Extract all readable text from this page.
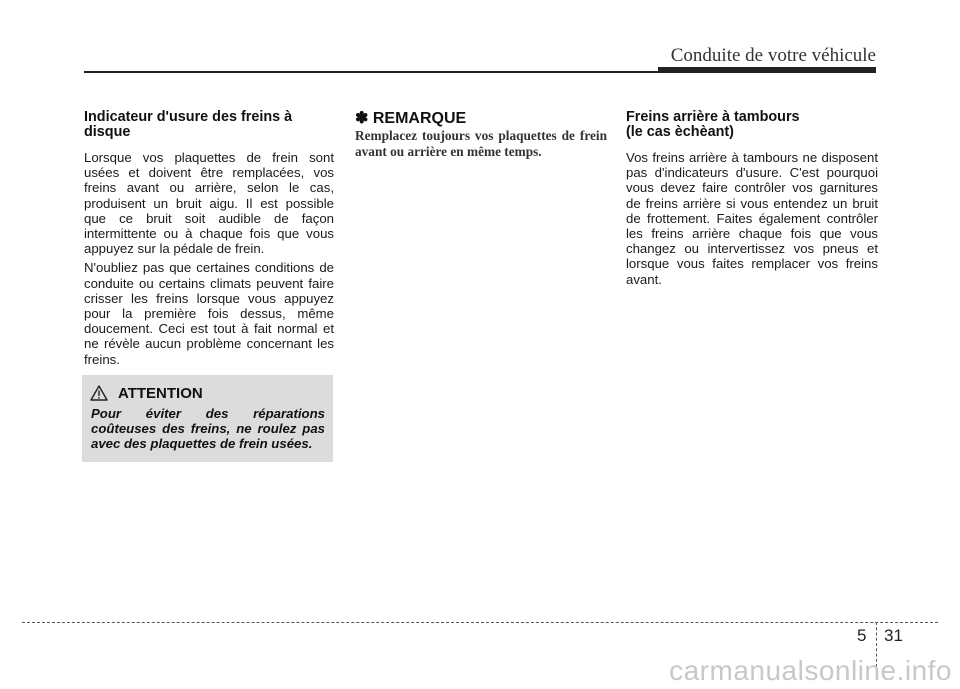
Conduite de votre véhicule
Indicateur d'usure des freins à disque

Lorsque vos plaquettes de frein sont usées et doivent être remplacées, vos freins avant ou arrière, selon le cas, produisent un bruit aigu. Il est possible que ce bruit soit audible de façon intermittente ou à chaque fois que vous appuyez sur la pédale de frein.

N'oubliez pas que certaines conditions de conduite ou certains climats peuvent faire crisser les freins lorsque vous appuyez pour la première fois dessus, même doucement. Ceci est tout à fait normal et ne révèle aucun problème concernant les freins.

ATTENTION
Pour éviter des réparations coûteuses des freins, ne roulez pas avec des plaquettes de frein usées.
✽ REMARQUE
Remplacez toujours vos plaquettes de frein avant ou arrière en même temps.
Freins arrière à tambours
(le cas èchèant)

Vos freins arrière à tambours ne disposent pas d'indicateurs d'usure. C'est pourquoi vous devez faire contrôler vos garnitures de freins arrière si vous entendez un bruit de frottement. Faites également contrôler les freins arrière chaque fois que vous changez ou intervertissez vos pneus et lorsque vous faites remplacer vos freins avant.

5 31
carmanualsonline.info
